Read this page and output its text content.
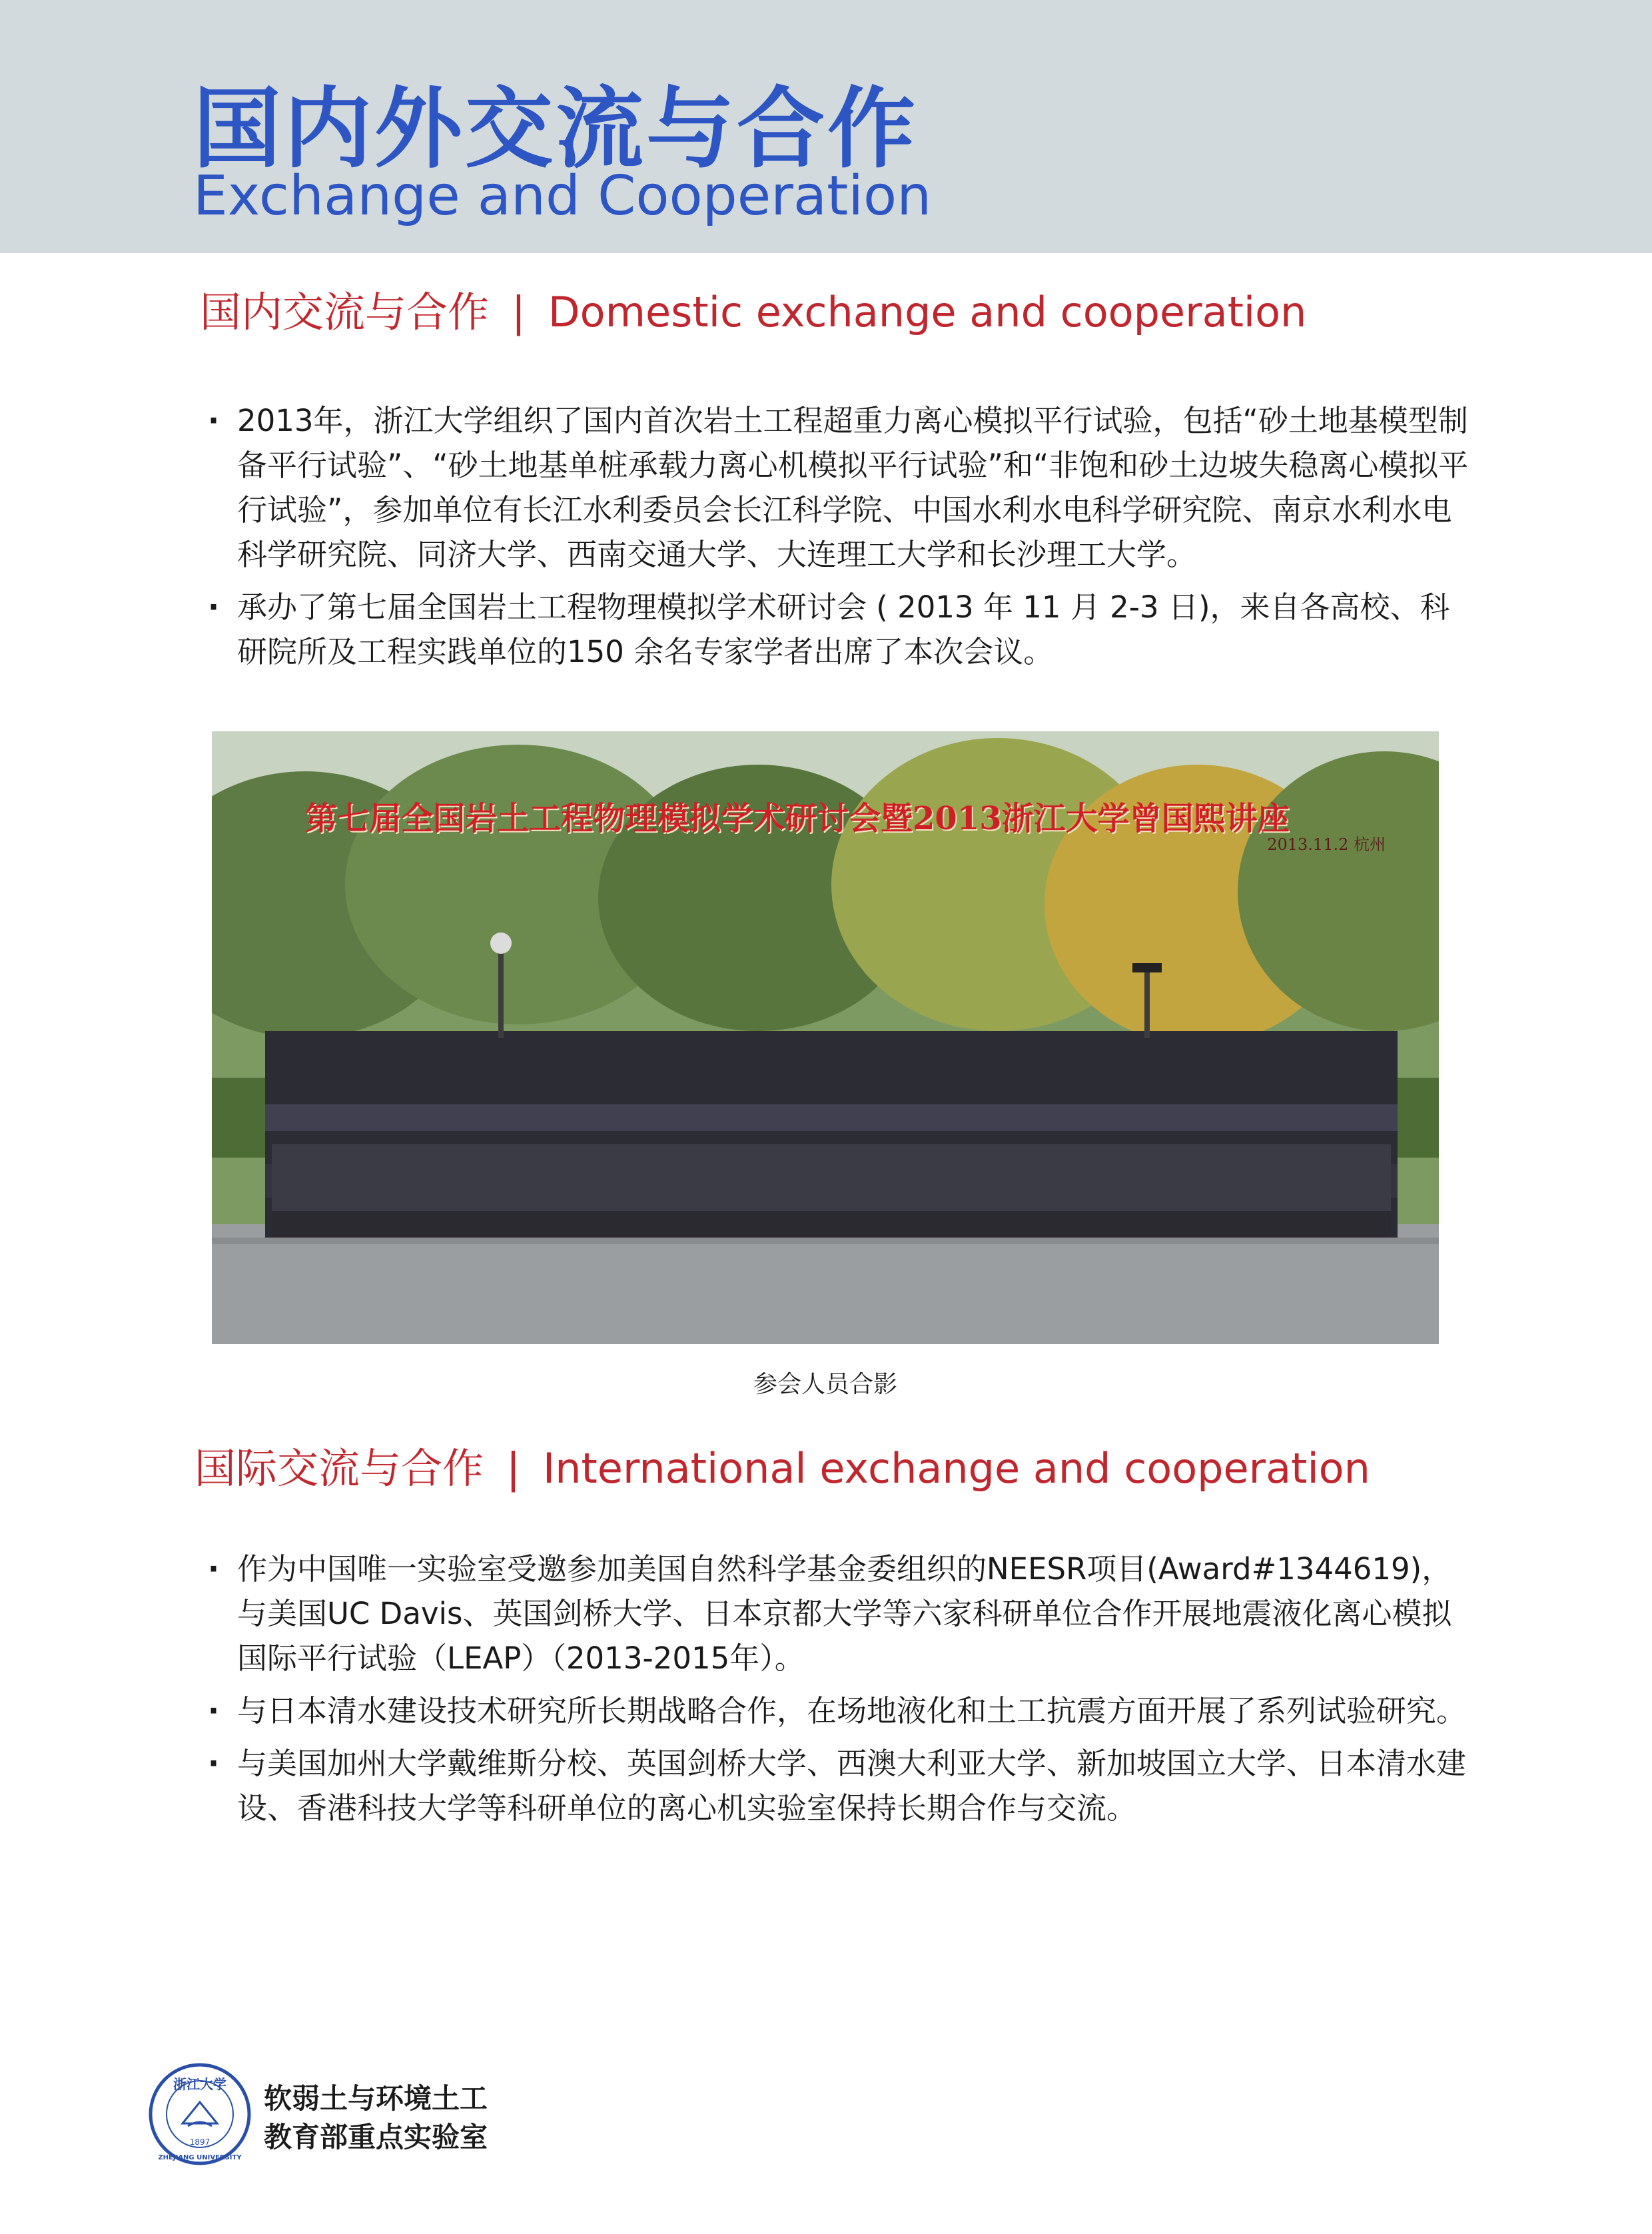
国内外交流与合作
Exchange and Cooperation
国内交流与合作 | Domestic exchange and cooperation
· 2013年，浙江大学组织了国内首次岩土工程超重力离心模拟平行试验，包括“砂土地基模型制备平行试验”、“砂土地基单桩承载力离心机模拟平行试验”和“非饱和砂土边坡失稳离心模拟平行试验”，参加单位有长江水利委员会长江科学院、中国水利水电科学研究院、南京水利水电科学研究院、同济大学、西南交通大学、大连理工大学和长沙理工大学。
· 承办了第七届全国岩土工程物理模拟学术研讨会 ( 2013 年 11 月 2-3 日)，来自各高校、科研院所及工程实践单位的150 余名专家学者出席了本次会议。
第七届全国岩土工程物理模拟学术研讨会暨2013浙江大学曾国熙讲座
2013.11.2 杭州
参会人员合影
国际交流与合作 | International exchange and cooperation
· 作为中国唯一实验室受邀参加美国自然科学基金委组织的NEESR项目(Award#1344619)，与美国UC Davis、英国剑桥大学、日本京都大学等六家科研单位合作开展地震液化离心模拟国际平行试验（LEAP）（2013-2015年）。
· 与日本清水建设技术研究所长期战略合作，在场地液化和土工抗震方面开展了系列试验研究。
· 与美国加州大学戴维斯分校、英国剑桥大学、西澳大利亚大学、新加坡国立大学、日本清水建设、香港科技大学等科研单位的离心机实验室保持长期合作与交流。
浙江大学
1897
ZHEJIANG UNIVERSITY
软弱土与环境土工
教育部重点实验室
